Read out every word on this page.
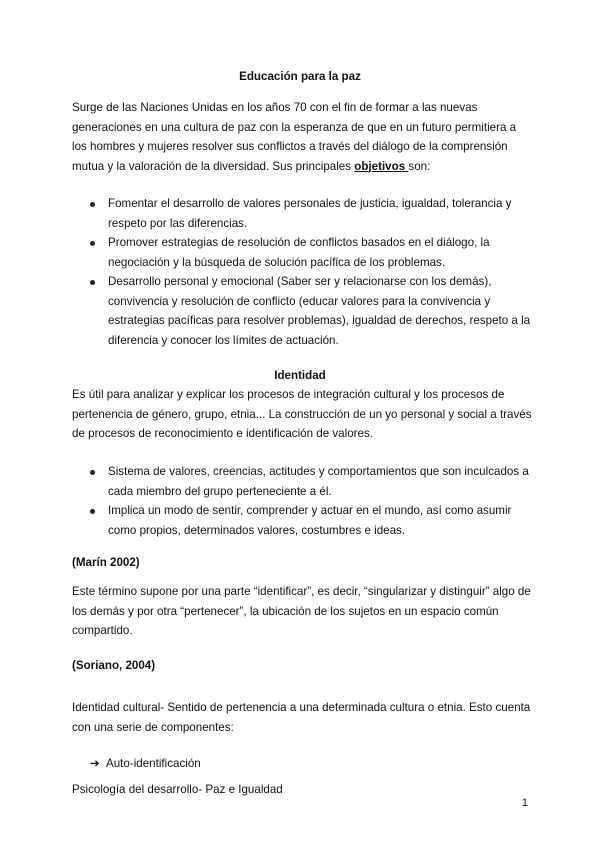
Educación para la paz

Surge de las Naciones Unidas en los años 70 con el fin de formar a las nuevas generaciones en una cultura de paz con la esperanza de que en un futuro permitiera a los hombres y mujeres resolver sus conflictos a través del diálogo de la comprensión mutua y la valoración de la diversidad. Sus principales objetivos son:

Fomentar el desarrollo de valores personales de justicia, igualdad, tolerancia y respeto por las diferencias.
Promover estrategias de resolución de conflictos basados en el diálogo, la negociación y la búsqueda de solución pacífica de los problemas.
Desarrollo personal y emocional (Saber ser y relacionarse con los demás), convivencia y resolución de conflicto (educar valores para la convivencia y estrategias pacíficas para resolver problemas), igualdad de derechos, respeto a la diferencia y conocer los límites de actuación.
Identidad

Es útil para analizar y explicar los procesos de integración cultural y los procesos de pertenencia de género, grupo, etnia... La construcción de un yo personal y social a través de procesos de reconocimiento e identificación de valores.

Sistema de valores, creencias, actitudes y comportamientos que son inculcados a cada miembro del grupo perteneciente a él.
Implica un modo de sentir, comprender y actuar en el mundo, así como asumir como propios, determinados valores, costumbres e ideas.

(Marín 2002)

Este término supone por una parte “identificar”, es decir, “singularizar y distinguir” algo de los demás y por otra “pertenecer”, la ubicación de los sujetos en un espacio común compartido.

(Soriano, 2004)

Identidad cultural- Sentido de pertenencia a una determinada cultura o etnia. Esto cuenta con una serie de componentes:

➔ Auto-identificación

Psicología del desarrollo- Paz e Igualdad

1
